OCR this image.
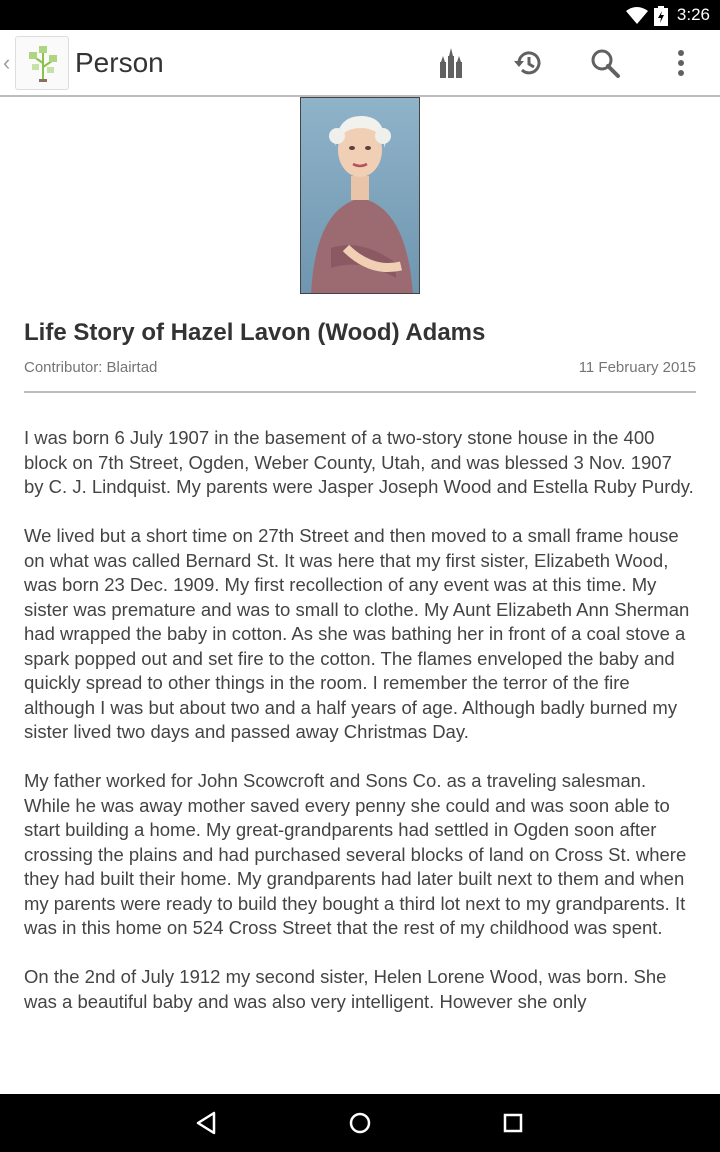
3:26
‹ Person
Life Story of Hazel Lavon (Wood) Adams
Contributor: Blairtad	11 February 2015

I was born 6 July 1907 in the basement of a two-story stone house in the 400 block on 7th Street, Ogden, Weber County, Utah, and was blessed 3 Nov. 1907 by C. J. Lindquist. My parents were Jasper Joseph Wood and Estella Ruby Purdy.

We lived but a short time on 27th Street and then moved to a small frame house on what was called Bernard St. It was here that my first sister, Elizabeth Wood, was born 23 Dec. 1909. My first recollection of any event was at this time. My sister was premature and was to small to clothe. My Aunt Elizabeth Ann Sherman had wrapped the baby in cotton. As she was bathing her in front of a coal stove a spark popped out and set fire to the cotton. The flames enveloped the baby and quickly spread to other things in the room. I remember the terror of the fire although I was but about two and a half years of age. Although badly burned my sister lived two days and passed away Christmas Day.

My father worked for John Scowcroft and Sons Co. as a traveling salesman. While he was away mother saved every penny she could and was soon able to start building a home. My great-grandparents had settled in Ogden soon after crossing the plains and had purchased several blocks of land on Cross St. where they had built their home. My grandparents had later built next to them and when my parents were ready to build they bought a third lot next to my grandparents. It was in this home on 524 Cross Street that the rest of my childhood was spent.

On the 2nd of July 1912 my second sister, Helen Lorene Wood, was born. She was a beautiful baby and was also very intelligent. However she only
